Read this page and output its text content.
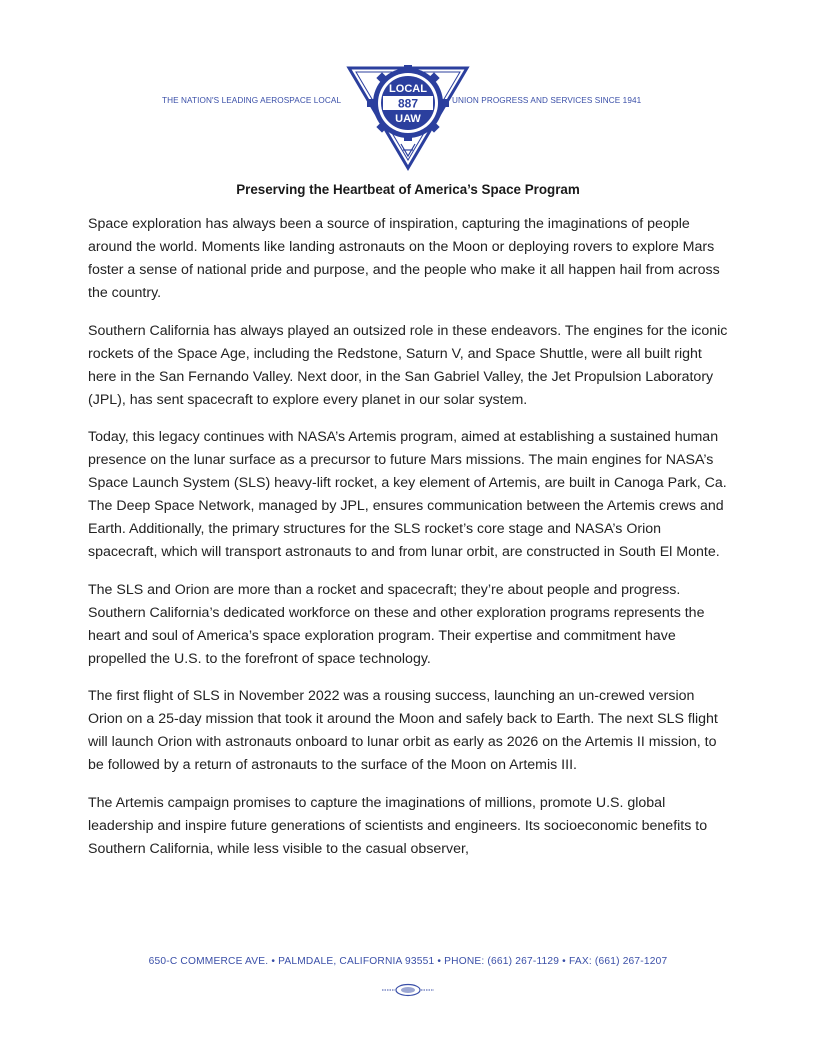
THE NATION'S LEADING AEROSPACE LOCAL	UNION PROGRESS AND SERVICES SINCE 1941
LOCAL
887
UAW
Preserving the Heartbeat of America’s Space Program

Space exploration has always been a source of inspiration, capturing the imaginations of people around the world. Moments like landing astronauts on the Moon or deploying rovers to explore Mars foster a sense of national pride and purpose, and the people who make it all happen hail from across the country.

Southern California has always played an outsized role in these endeavors. The engines for the iconic rockets of the Space Age, including the Redstone, Saturn V, and Space Shuttle, were all built right here in the San Fernando Valley. Next door, in the San Gabriel Valley, the Jet Propulsion Laboratory (JPL), has sent spacecraft to explore every planet in our solar system.

Today, this legacy continues with NASA’s Artemis program, aimed at establishing a sustained human presence on the lunar surface as a precursor to future Mars missions. The main engines for NASA’s Space Launch System (SLS) heavy-lift rocket, a key element of Artemis, are built in Canoga Park, Ca. The Deep Space Network, managed by JPL, ensures communication between the Artemis crews and Earth. Additionally, the primary structures for the SLS rocket’s core stage and NASA’s Orion spacecraft, which will transport astronauts to and from lunar orbit, are constructed in South El Monte.

The SLS and Orion are more than a rocket and spacecraft; they’re about people and progress. Southern California’s dedicated workforce on these and other exploration programs represents the heart and soul of America’s space exploration program. Their expertise and commitment have propelled the U.S. to the forefront of space technology.

The first flight of SLS in November 2022 was a rousing success, launching an un-crewed version Orion on a 25-day mission that took it around the Moon and safely back to Earth. The next SLS flight will launch Orion with astronauts onboard to lunar orbit as early as 2026 on the Artemis II mission, to be followed by a return of astronauts to the surface of the Moon on Artemis III.

The Artemis campaign promises to capture the imaginations of millions, promote U.S. global leadership and inspire future generations of scientists and engineers. Its socioeconomic benefits to Southern California, while less visible to the casual observer,

650-C COMMERCE AVE. • PALMDALE, CALIFORNIA 93551 • PHONE: (661) 267-1129 • FAX: (661) 267-1207
